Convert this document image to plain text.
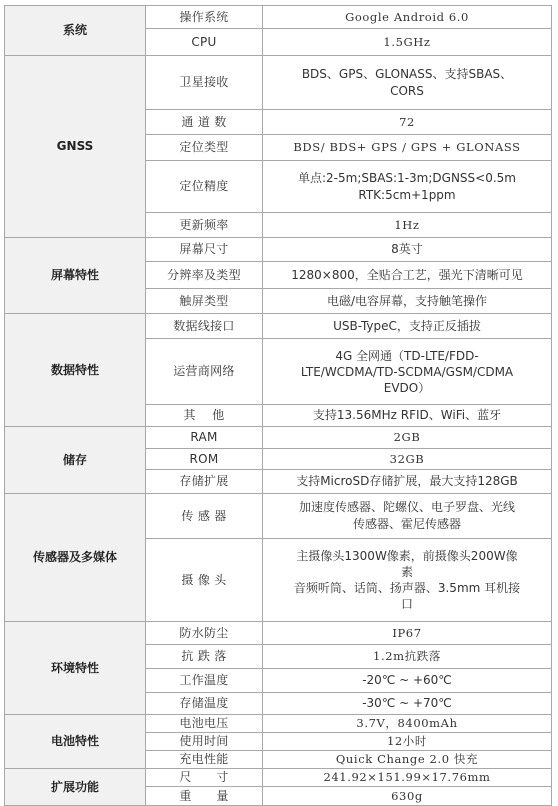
系统	操作系统	Google Android 6.0

	CPU	1.5GHz

GNSS	卫星接收	BDS、GPS、GLONASS、支持SBAS、
CORS

	通 道 数	72

	定位类型	BDS/ BDS+ GPS / GPS + GLONASS

	定位精度	单点:2-5m;SBAS:1-3m;DGNSS<0.5m
RTK:5cm+1ppm

	更新频率	1Hz

屏幕特性	屏幕尺寸	8英寸

	分辨率及类型	1280×800，全贴合工艺，强光下清晰可见

	触屏类型	电磁/电容屏幕，支持触笔操作

数据特性	数据线接口	USB-TypeC，支持正反插拔

	运营商网络	4G 全网通（TD-LTE/FDD-
LTE/WCDMA/TD-SCDMA/GSM/CDMA
EVDO）

	其    他	支持13.56MHz RFID、WiFi、蓝牙

储存	RAM	2GB

	ROM	32GB

	存储扩展	支持MicroSD存储扩展，最大支持128GB

传感器及多媒体	传 感 器	加速度传感器、陀螺仪、电子罗盘、光线
传感器、霍尼传感器

	摄 像 头	主摄像头1300W像素，前摄像头200W像
素
音频听筒、话筒、扬声器、3.5mm 耳机接
口

环境特性	防水防尘	IP67

	抗 跌 落	1.2m抗跌落

	工作温度	-20℃ ~ +60℃

	存储温度	-30℃ ~ +70℃

电池特性	电池电压	3.7V，8400mAh

	使用时间	12小时

	充电性能	Quick Change 2.0 快充

扩展功能	尺      寸	241.92×151.99×17.76mm

	重      量	630g
